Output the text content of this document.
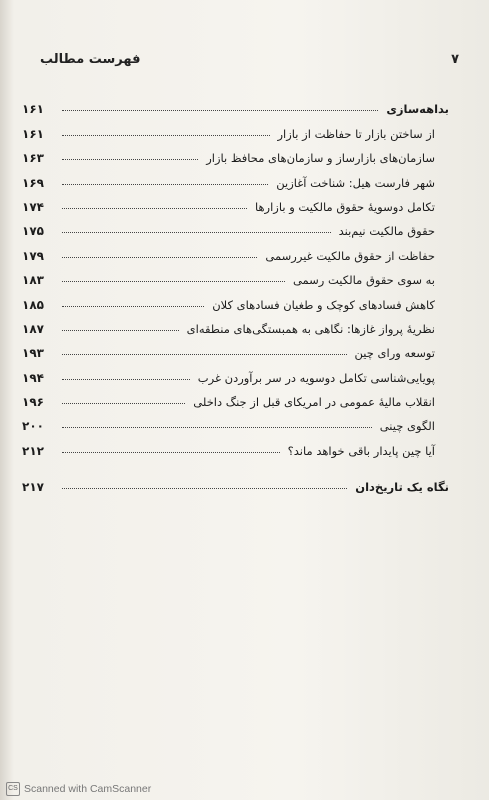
فهرست مطالب	۷
بداهه‌سازی
۱۶۱
از ساختن بازار تا حفاظت از بازار
۱۶۱
سازمان‌های بازارساز و سازمان‌های محافظ بازار
۱۶۳
شهر فارست هیل: شناخت آغازین
۱۶۹
تکامل دوسویهٔ حقوق مالکیت و بازارها
۱۷۴
حقوق مالکیت نیم‌بند
۱۷۵
حفاظت از حقوق مالکیت غیررسمی
۱۷۹
به سوی حقوق مالکیت رسمی
۱۸۳
کاهش فسادهای کوچک و طغیان فسادهای کلان
۱۸۵
نظریهٔ پرواز غازها: نگاهی به همبستگی‌های منطقه‌ای
۱۸۷
توسعه ورای چین
۱۹۳
پویایی‌شناسی تکامل دوسویه در سر برآوردن غرب
۱۹۴
انقلاب مالیهٔ عمومی در امریکای قبل از جنگ داخلی
۱۹۶
الگوی چینی
۲۰۰
آیا چین پایدار باقی خواهد ماند؟
۲۱۲
نگاه یک تاریخ‌دان
۲۱۷
CS Scanned with CamScanner
